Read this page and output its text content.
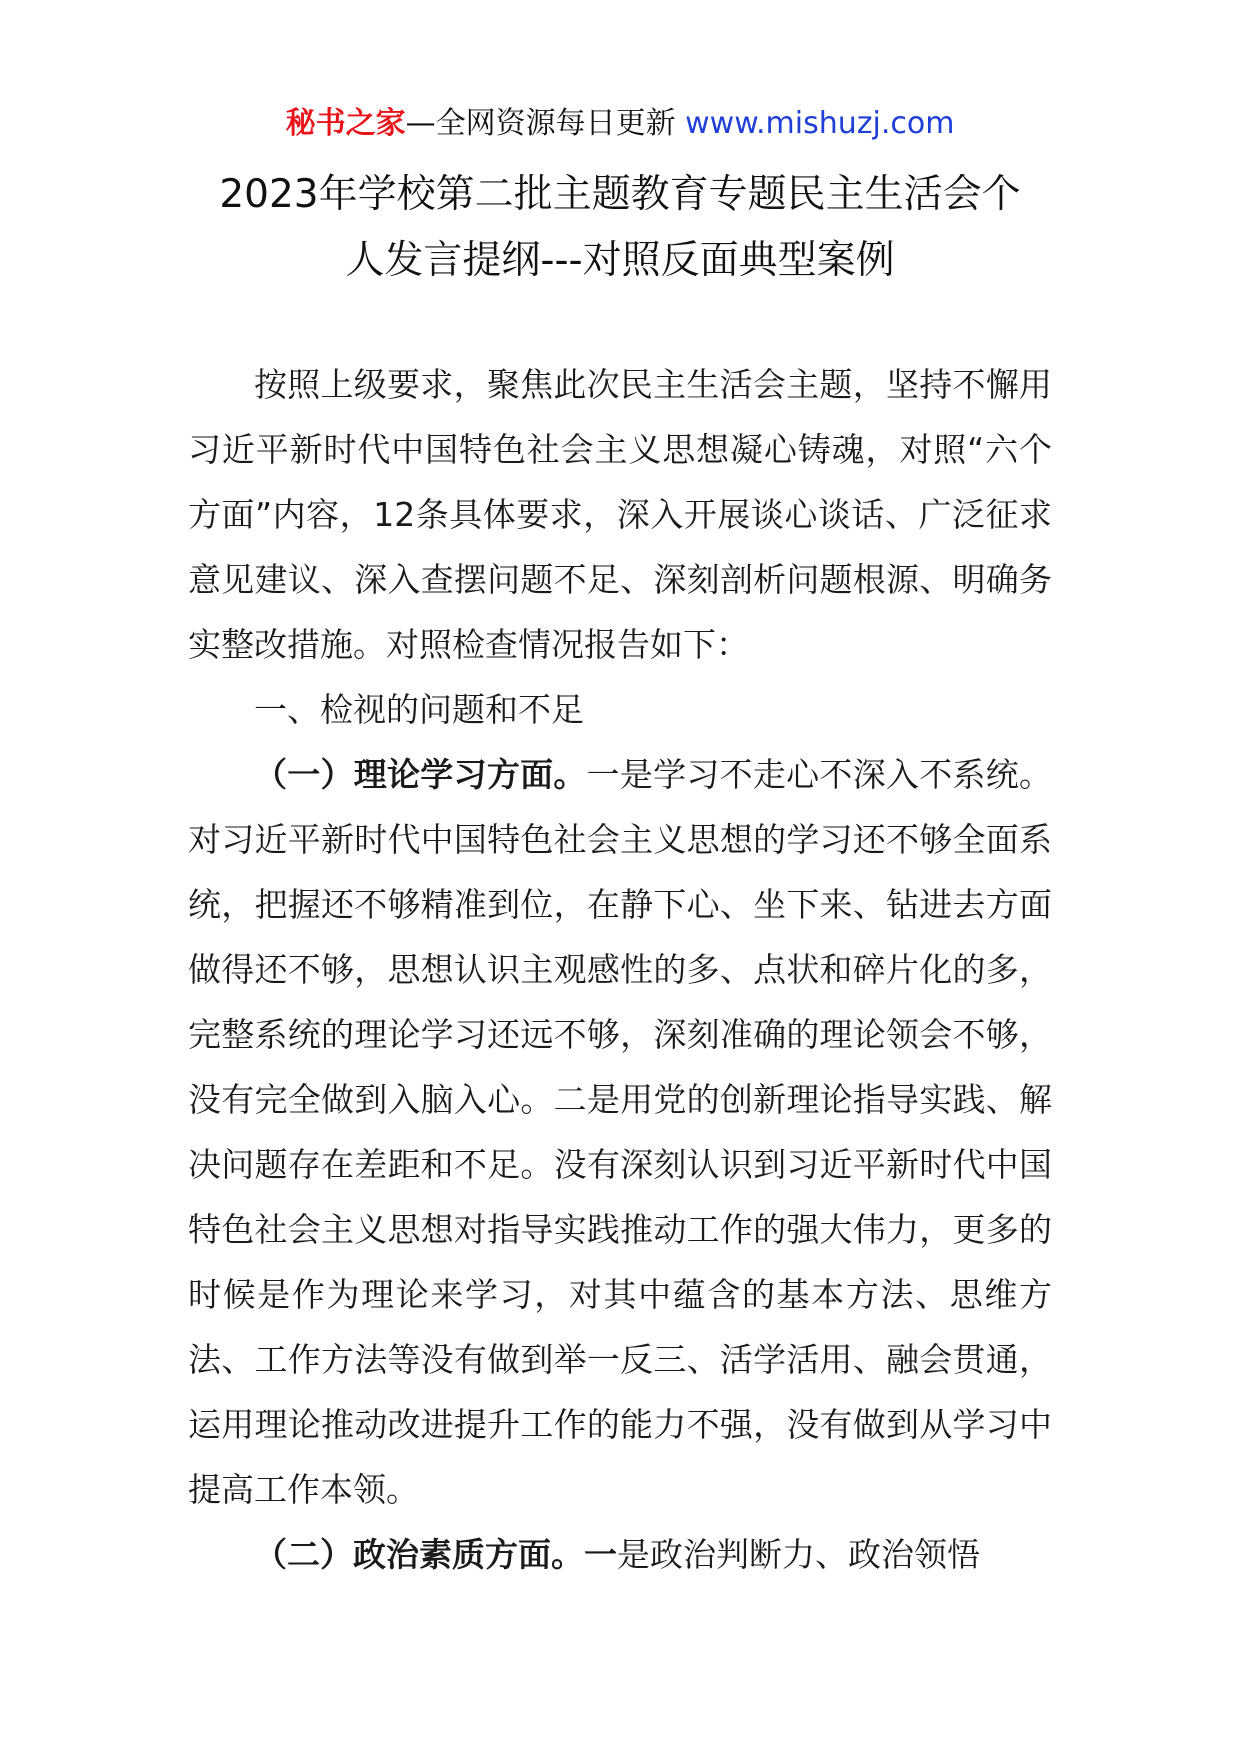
秘书之家—全网资源每日更新 www.mishuzj.com
2023年学校第二批主题教育专题民主生活会个
人发言提纲---对照反面典型案例

按照上级要求，聚焦此次民主生活会主题，坚持不懈用习近平新时代中国特色社会主义思想凝心铸魂，对照“六个方面”内容，12条具体要求，深入开展谈心谈话、广泛征求意见建议、深入查摆问题不足、深刻剖析问题根源、明确务实整改措施。对照检查情况报告如下：

一、检视的问题和不足

（一）理论学习方面。一是学习不走心不深入不系统。对习近平新时代中国特色社会主义思想的学习还不够全面系统，把握还不够精准到位，在静下心、坐下来、钻进去方面做得还不够，思想认识主观感性的多、点状和碎片化的多，完整系统的理论学习还远不够，深刻准确的理论领会不够，没有完全做到入脑入心。二是用党的创新理论指导实践、解决问题存在差距和不足。没有深刻认识到习近平新时代中国特色社会主义思想对指导实践推动工作的强大伟力，更多的时候是作为理论来学习，对其中蕴含的基本方法、思维方法、工作方法等没有做到举一反三、活学活用、融会贯通，运用理论推动改进提升工作的能力不强，没有做到从学习中提高工作本领。

（二）政治素质方面。一是政治判断力、政治领悟
